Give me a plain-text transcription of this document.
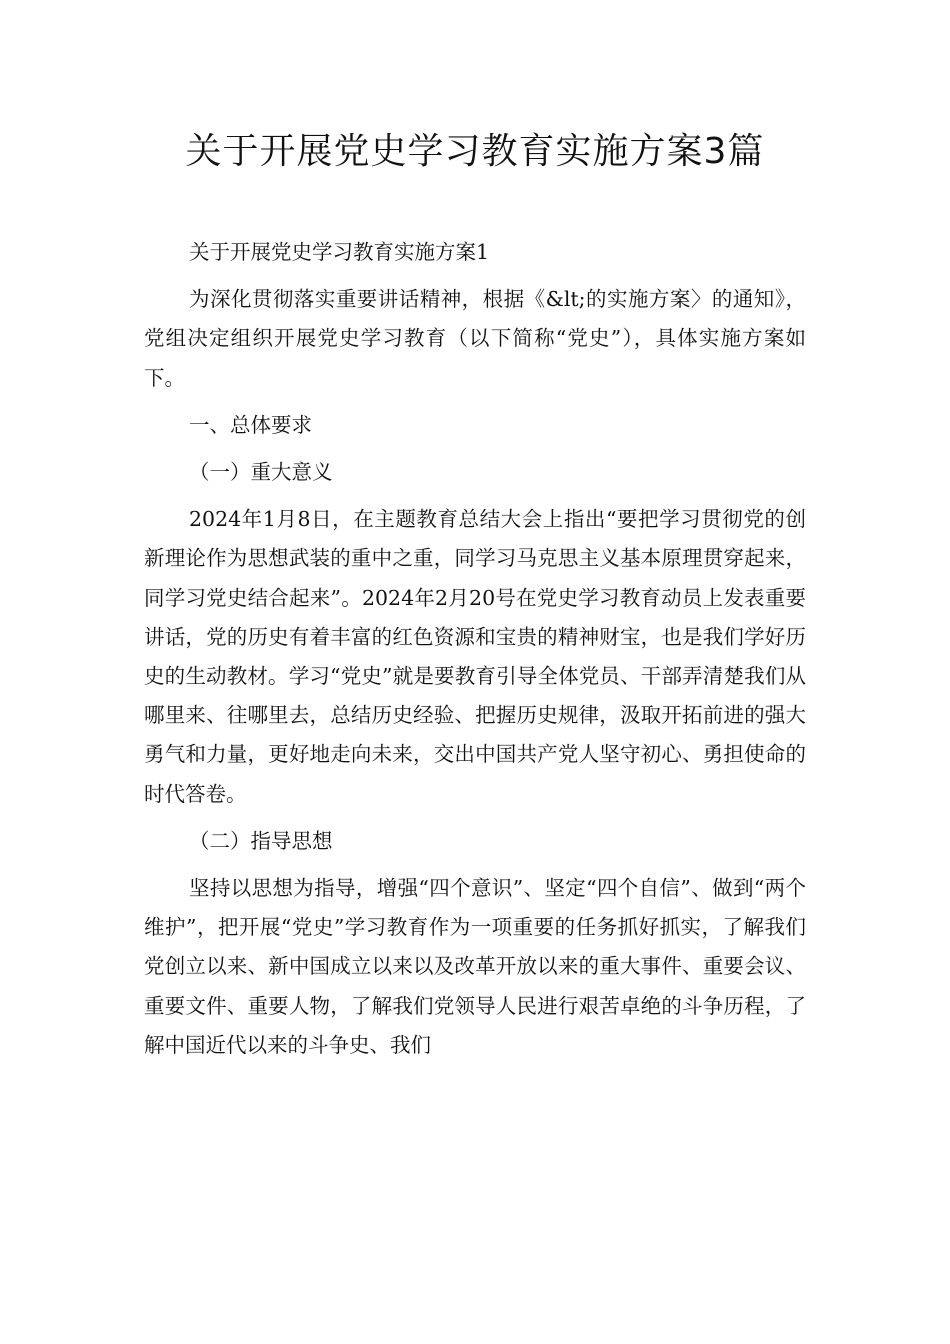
关于开展党史学习教育实施方案3篇

关于开展党史学习教育实施方案1

为深化贯彻落实重要讲话精神，根据《&lt;的实施方案〉的通知》，党组决定组织开展党史学习教育（以下简称“党史”），具体实施方案如下。

一、总体要求

（一）重大意义

2024年1月8日，在主题教育总结大会上指出“要把学习贯彻党的创新理论作为思想武装的重中之重，同学习马克思主义基本原理贯穿起来，同学习党史结合起来”。2024年2月20号在党史学习教育动员上发表重要讲话，党的历史有着丰富的红色资源和宝贵的精神财宝，也是我们学好历史的生动教材。学习“党史”就是要教育引导全体党员、干部弄清楚我们从哪里来、往哪里去，总结历史经验、把握历史规律，汲取开拓前进的强大勇气和力量，更好地走向未来，交出中国共产党人坚守初心、勇担使命的时代答卷。

（二）指导思想

坚持以思想为指导，增强“四个意识”、坚定“四个自信”、做到“两个维护”，把开展“党史”学习教育作为一项重要的任务抓好抓实，了解我们党创立以来、新中国成立以来以及改革开放以来的重大事件、重要会议、重要文件、重要人物，了解我们党领导人民进行艰苦卓绝的斗争历程，了解中国近代以来的斗争史、我们
